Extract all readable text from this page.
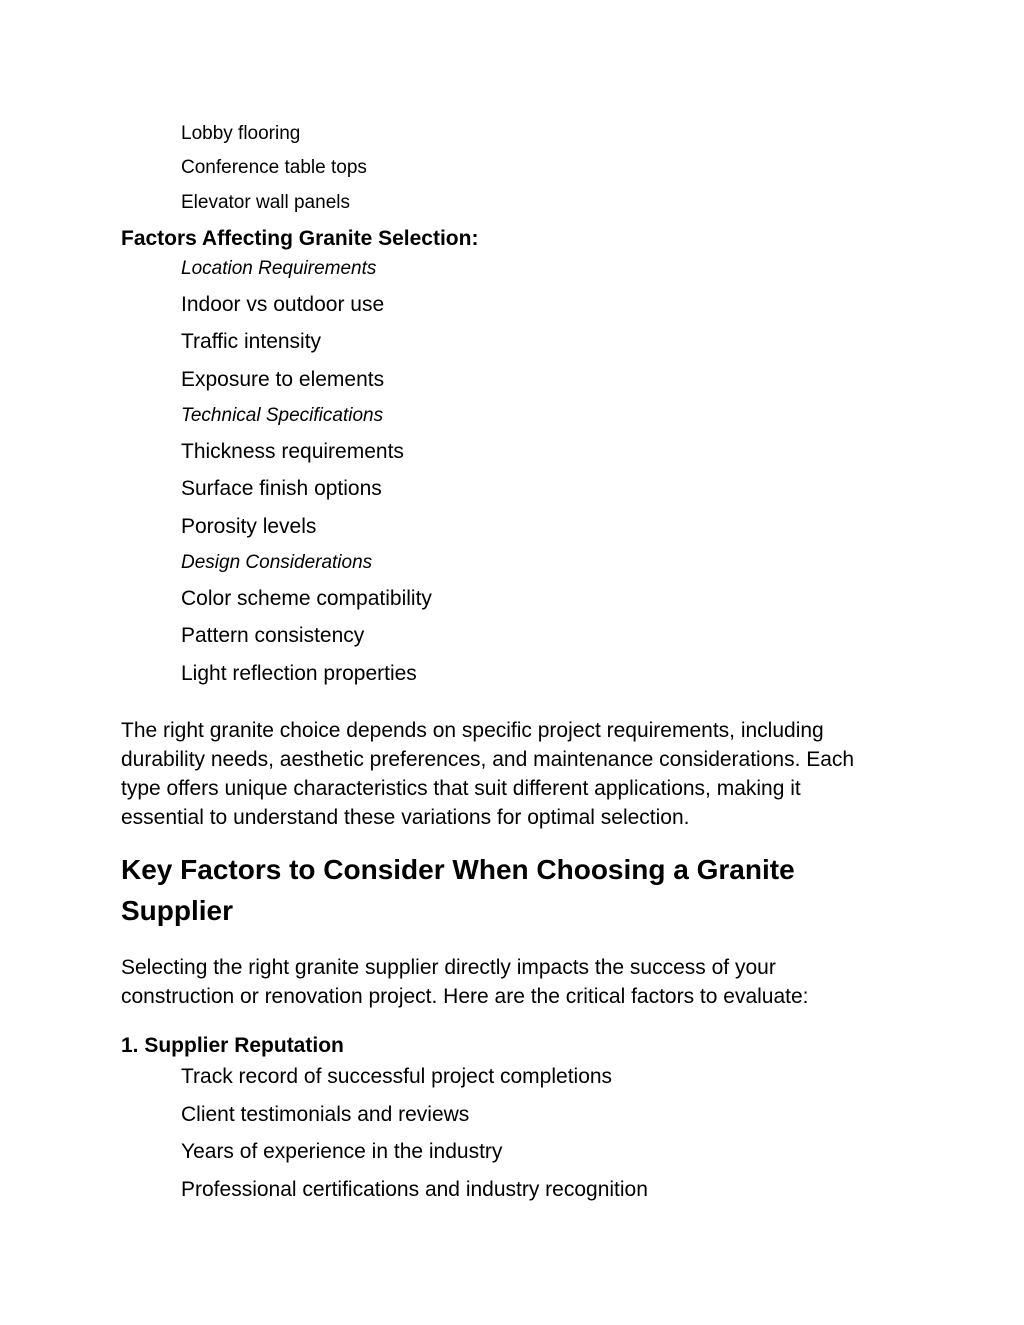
Lobby flooring

Conference table tops

Elevator wall panels

Factors Affecting Granite Selection:

Location Requirements

Indoor vs outdoor use

Traffic intensity

Exposure to elements

Technical Specifications

Thickness requirements

Surface finish options

Porosity levels

Design Considerations

Color scheme compatibility

Pattern consistency

Light reflection properties

The right granite choice depends on specific project requirements, including

durability needs, aesthetic preferences, and maintenance considerations. Each

type offers unique characteristics that suit different applications, making it

essential to understand these variations for optimal selection.

Key Factors to Consider When Choosing a Granite

Supplier

Selecting the right granite supplier directly impacts the success of your

construction or renovation project. Here are the critical factors to evaluate:

1. Supplier Reputation

Track record of successful project completions

Client testimonials and reviews

Years of experience in the industry

Professional certifications and industry recognition
